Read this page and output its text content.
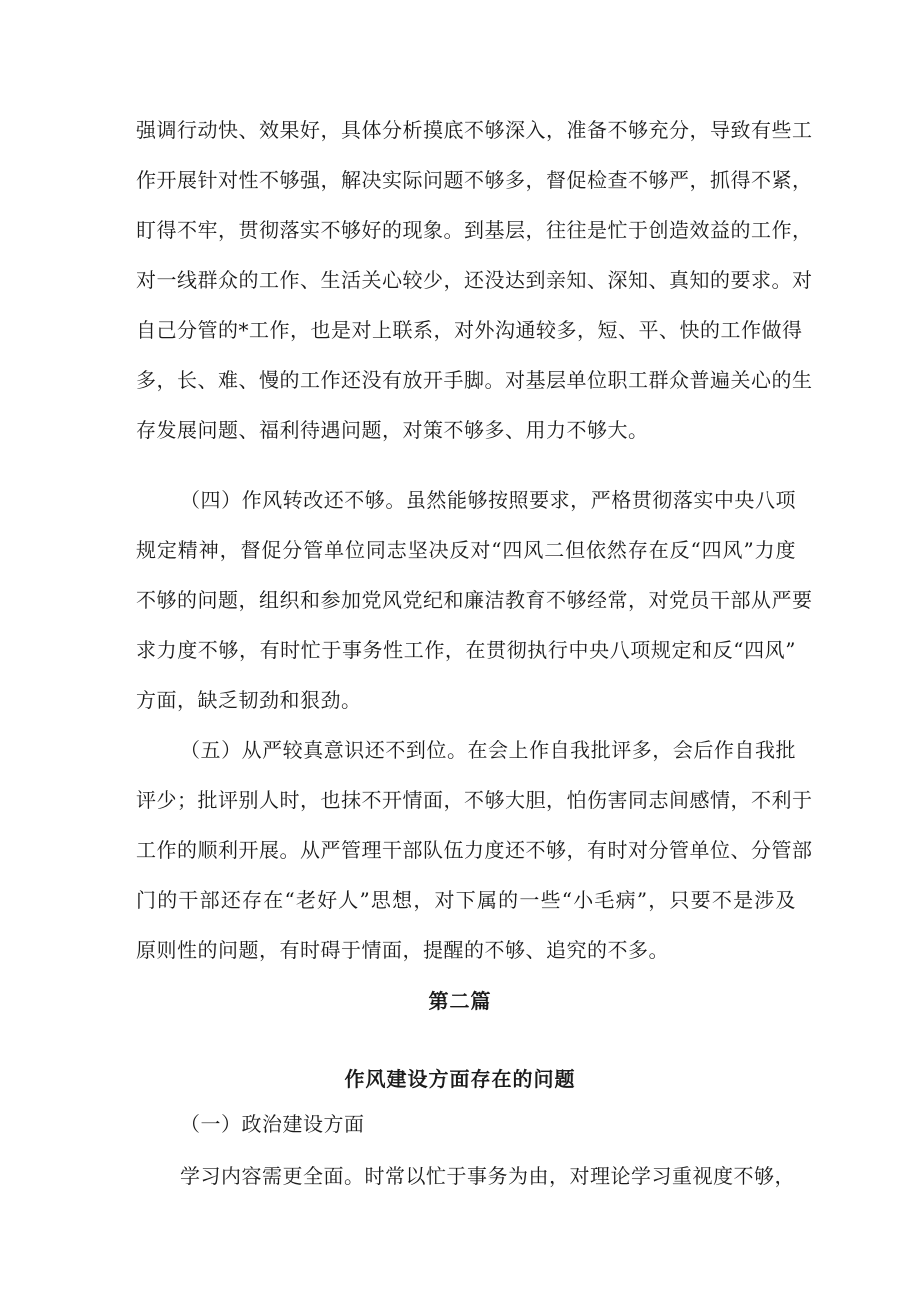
强调行动快、效果好，具体分析摸底不够深入，准备不够充分，导致有些工
作开展针对性不够强，解决实际问题不够多，督促检查不够严，抓得不紧，
盯得不牢，贯彻落实不够好的现象。到基层，往往是忙于创造效益的工作，
对一线群众的工作、生活关心较少，还没达到亲知、深知、真知的要求。对
自己分管的*工作，也是对上联系，对外沟通较多，短、平、快的工作做得
多，长、难、慢的工作还没有放开手脚。对基层单位职工群众普遍关心的生
存发展问题、福利待遇问题，对策不够多、用力不够大。
（四）作风转改还不够。虽然能够按照要求，严格贯彻落实中央八项
规定精神，督促分管单位同志坚决反对“四风二但依然存在反“四风”力度
不够的问题，组织和参加党风党纪和廉洁教育不够经常，对党员干部从严要
求力度不够，有时忙于事务性工作，在贯彻执行中央八项规定和反“四风”
方面，缺乏韧劲和狠劲。
（五）从严较真意识还不到位。在会上作自我批评多，会后作自我批
评少；批评别人时，也抹不开情面，不够大胆，怕伤害同志间感情，不利于
工作的顺利开展。从严管理干部队伍力度还不够，有时对分管单位、分管部
门的干部还存在“老好人”思想，对下属的一些“小毛病”，只要不是涉及
原则性的问题，有时碍于情面，提醒的不够、追究的不多。
第二篇
作风建设方面存在的问题
（一）政治建设方面
学习内容需更全面。时常以忙于事务为由，对理论学习重视度不够，
